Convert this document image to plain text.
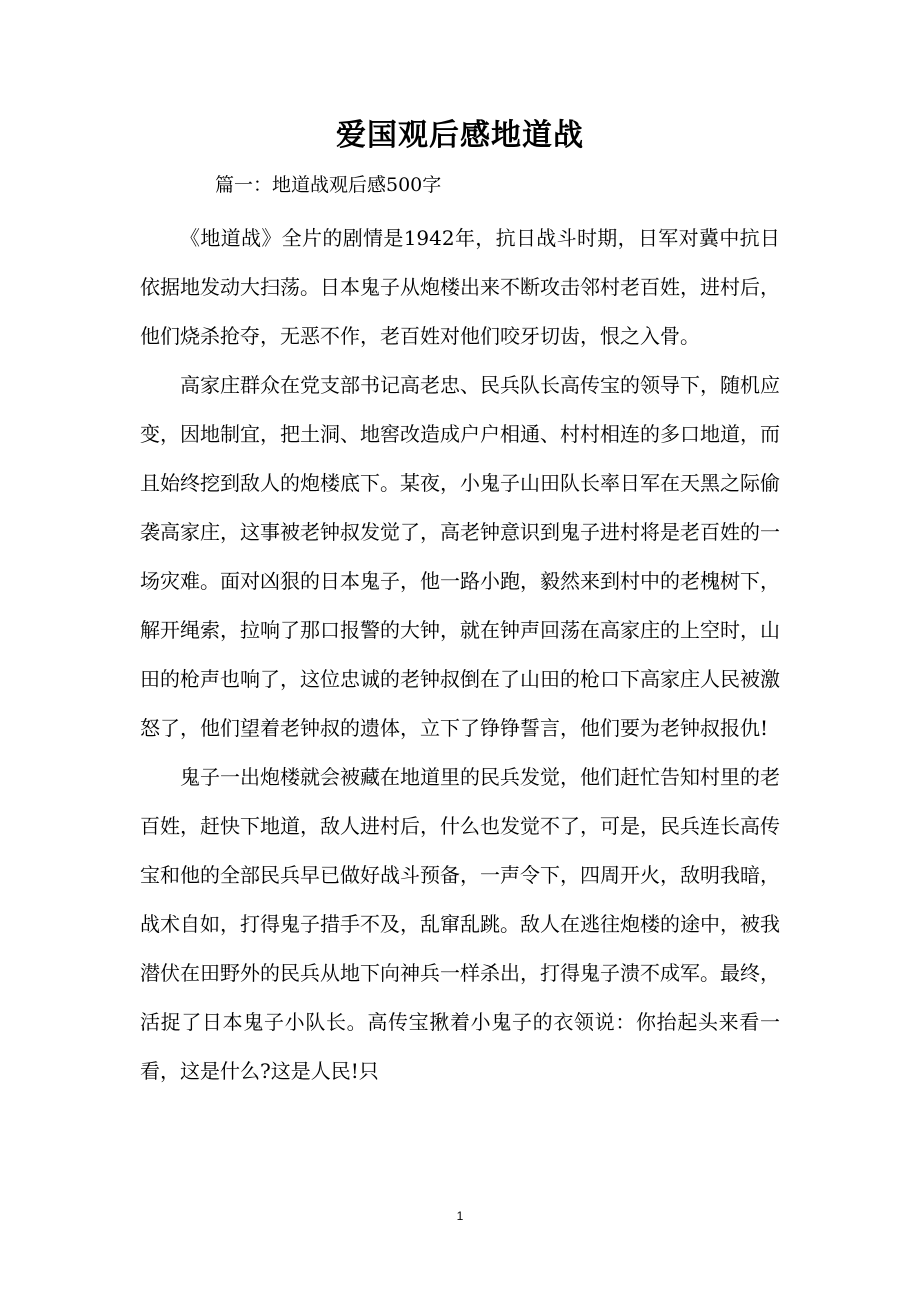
爱国观后感地道战
篇一：地道战观后感500字

《地道战》全片的剧情是1942年，抗日战斗时期，日军对冀中抗日依据地发动大扫荡。日本鬼子从炮楼出来不断攻击邻村老百姓，进村后，他们烧杀抢夺，无恶不作，老百姓对他们咬牙切齿，恨之入骨。

高家庄群众在党支部书记高老忠、民兵队长高传宝的领导下，随机应变，因地制宜，把土洞、地窖改造成户户相通、村村相连的多口地道，而且始终挖到敌人的炮楼底下。某夜，小鬼子山田队长率日军在天黑之际偷袭高家庄，这事被老钟叔发觉了，高老钟意识到鬼子进村将是老百姓的一场灾难。面对凶狠的日本鬼子，他一路小跑，毅然来到村中的老槐树下，解开绳索，拉响了那口报警的大钟，就在钟声回荡在高家庄的上空时，山田的枪声也响了，这位忠诚的老钟叔倒在了山田的枪口下高家庄人民被激怒了，他们望着老钟叔的遗体，立下了铮铮誓言，他们要为老钟叔报仇!

鬼子一出炮楼就会被藏在地道里的民兵发觉，他们赶忙告知村里的老百姓，赶快下地道，敌人进村后，什么也发觉不了，可是，民兵连长高传宝和他的全部民兵早已做好战斗预备，一声令下，四周开火，敌明我暗，战术自如，打得鬼子措手不及，乱窜乱跳。敌人在逃往炮楼的途中，被我潜伏在田野外的民兵从地下向神兵一样杀出，打得鬼子溃不成军。最终，活捉了日本鬼子小队长。高传宝揪着小鬼子的衣领说：你抬起头来看一看，这是什么?这是人民!只

1
